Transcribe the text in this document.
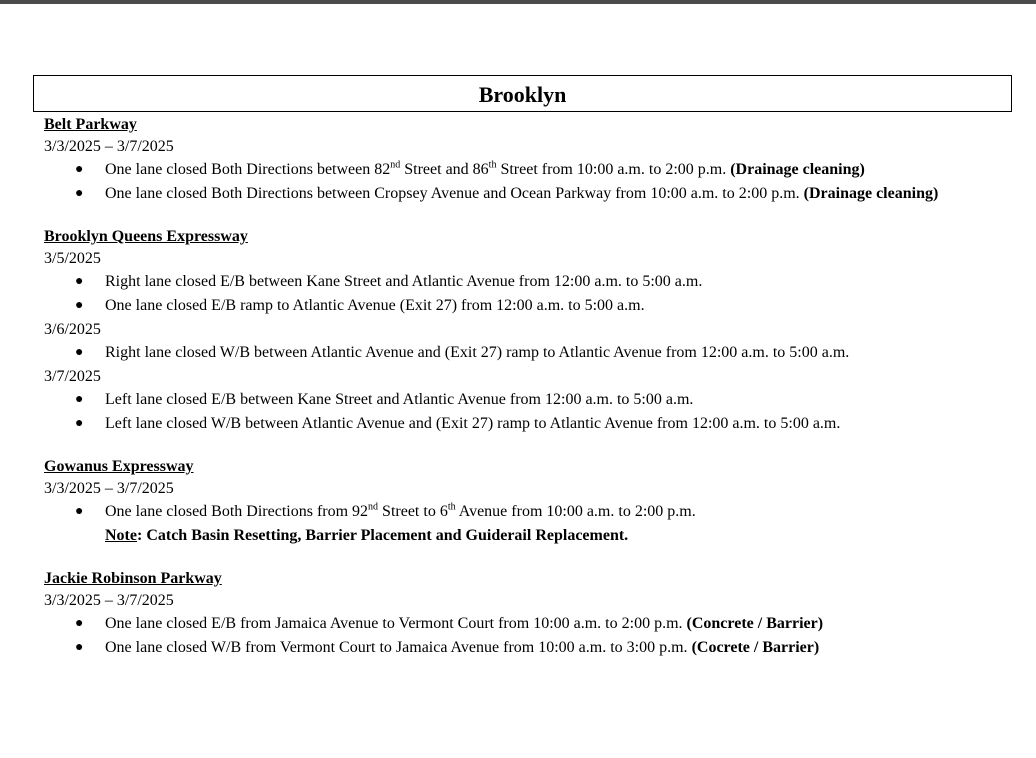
Brooklyn
Belt Parkway
3/3/2025 – 3/7/2025
● One lane closed Both Directions between 82nd Street and 86th Street from 10:00 a.m. to 2:00 p.m. (Drainage cleaning)
● One lane closed Both Directions between Cropsey Avenue and Ocean Parkway from 10:00 a.m. to 2:00 p.m. (Drainage cleaning)
Brooklyn Queens Expressway
3/5/2025
● Right lane closed E/B between Kane Street and Atlantic Avenue from 12:00 a.m. to 5:00 a.m.
● One lane closed E/B ramp to Atlantic Avenue (Exit 27) from 12:00 a.m. to 5:00 a.m.
3/6/2025
● Right lane closed W/B between Atlantic Avenue and (Exit 27) ramp to Atlantic Avenue from 12:00 a.m. to 5:00 a.m.
3/7/2025
● Left lane closed E/B between Kane Street and Atlantic Avenue from 12:00 a.m. to 5:00 a.m.
● Left lane closed W/B between Atlantic Avenue and (Exit 27) ramp to Atlantic Avenue from 12:00 a.m. to 5:00 a.m.
Gowanus Expressway
3/3/2025 – 3/7/2025
● One lane closed Both Directions from 92nd Street to 6th Avenue from 10:00 a.m. to 2:00 p.m.
Note: Catch Basin Resetting, Barrier Placement and Guiderail Replacement.
Jackie Robinson Parkway
3/3/2025 – 3/7/2025
● One lane closed E/B from Jamaica Avenue to Vermont Court from 10:00 a.m. to 2:00 p.m. (Concrete / Barrier)
● One lane closed W/B from Vermont Court to Jamaica Avenue from 10:00 a.m. to 3:00 p.m. (Cocrete / Barrier)
